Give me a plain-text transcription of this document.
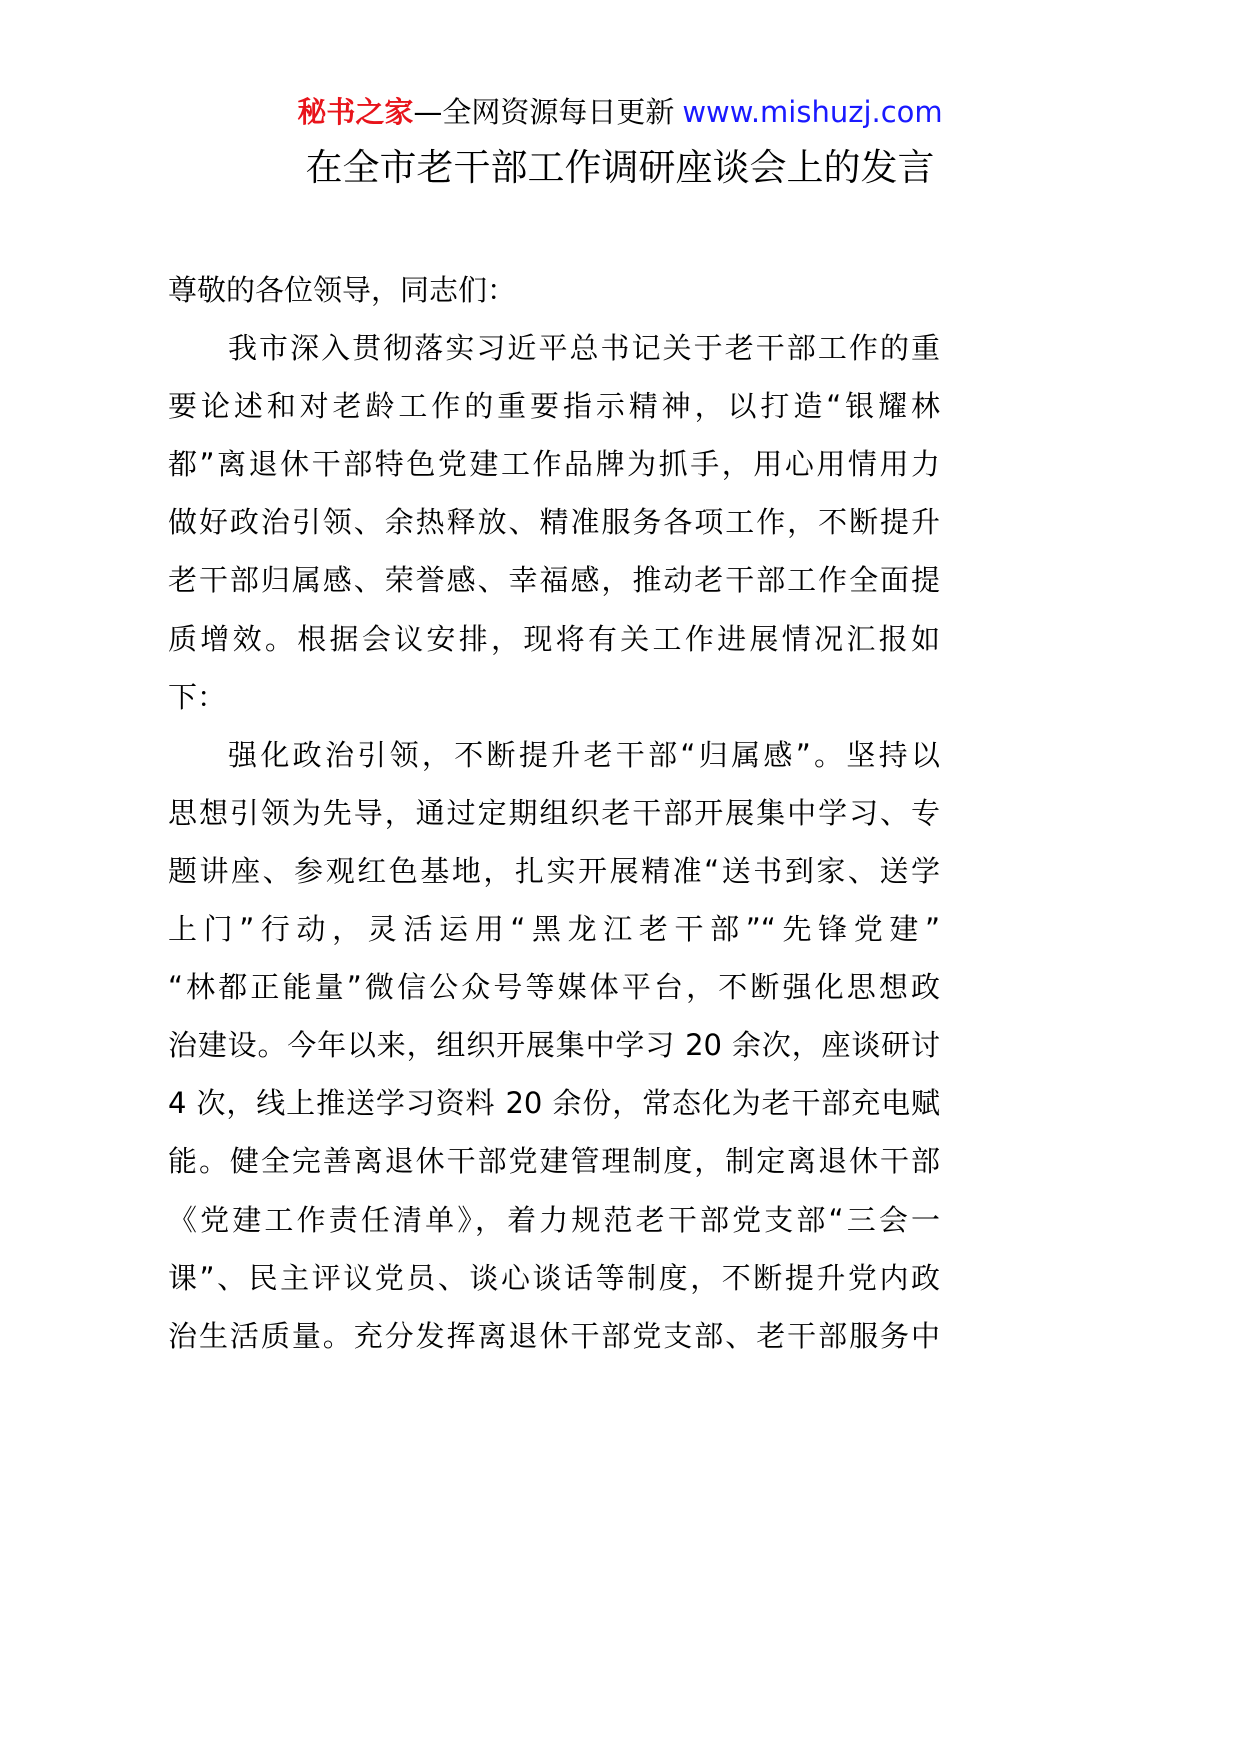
秘书之家—全网资源每日更新 www.mishuzj.com
在全市老干部工作调研座谈会上的发言
尊敬的各位领导，同志们：
我市深入贯彻落实习近平总书记关于老干部工作的重
要论述和对老龄工作的重要指示精神，以打造“银耀林
都”离退休干部特色党建工作品牌为抓手，用心用情用力
做好政治引领、余热释放、精准服务各项工作，不断提升
老干部归属感、荣誉感、幸福感，推动老干部工作全面提
质增效。根据会议安排，现将有关工作进展情况汇报如
下：
强化政治引领，不断提升老干部“归属感”。坚持以
思想引领为先导，通过定期组织老干部开展集中学习、专
题讲座、参观红色基地，扎实开展精准“送书到家、送学
上门”行动，灵活运用“黑龙江老干部”“先锋党建”
“林都正能量”微信公众号等媒体平台，不断强化思想政
治建设。今年以来，组织开展集中学习 20 余次，座谈研讨
4 次，线上推送学习资料 20 余份，常态化为老干部充电赋
能。健全完善离退休干部党建管理制度，制定离退休干部
《党建工作责任清单》，着力规范老干部党支部“三会一
课”、民主评议党员、谈心谈话等制度，不断提升党内政
治生活质量。充分发挥离退休干部党支部、老干部服务中
